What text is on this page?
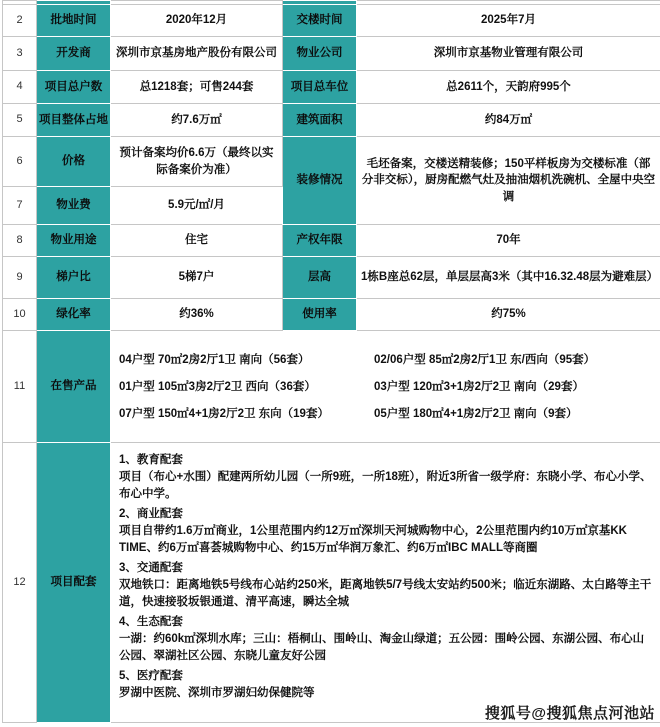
2	批地时间	2020年12月	交楼时间	2025年7月
3	开发商	深圳市京基房地产股份有限公司	物业公司	深圳市京基物业管理有限公司
4	项目总户数	总1218套；可售244套	项目总车位	总2611个，天韵府995个
5	项目整体占地	约7.6万㎡	建筑面积	约84万㎡
6	价格	预计备案均价6.6万（最终以实际备案价为准）	装修情况	毛坯备案，交楼送精装修；150平样板房为交楼标准（部分非交标），厨房配燃气灶及抽油烟机洗碗机、全屋中央空调
7	物业费	5.9元/㎡/月		
8	物业用途	住宅	产权年限	70年
9	梯户比	5梯7户	层高	1栋B座总62层，单层层高3米（其中16.32.48层为避难层）
10	绿化率	约36%	使用率	约75%
11	在售产品	04户型 70㎡2房2厅1卫 南向（56套） 02/06户型 85㎡2房2厅1卫 东/西向（95套）
01户型 105㎡3房2厅2卫 西向（36套） 03户型 120㎡3+1房2厅2卫 南向（29套）
07户型 150㎡4+1房2厅2卫 东向（19套） 05户型 180㎡4+1房2厅2卫 南向（9套）		

12	项目配套	
1、教育配套
项目（布心+水围）配建两所幼儿园（一所9班，一所18班），附近3所省一级学府：东晓小学、布心小学、布心中学。
2、商业配套
项目自带约1.6万㎡商业，1公里范围内约12万㎡深圳天河城购物中心，2公里范围内约10万㎡京基KK TIME、约6万㎡喜荟城购物中心、约15万㎡华润万象汇、约6万㎡IBC MALL等商圈
3、交通配套
双地铁口：距离地铁5号线布心站约250米，距离地铁5/7号线太安站约500米；临近东湖路、太白路等主干道，快速接驳坂银通道、清平高速，瞬达全城
4、生态配套
一湖：约60k㎡深圳水库；三山：梧桐山、围岭山、淘金山绿道；五公园：围岭公园、东湖公园、布心山公园、翠湖社区公园、东晓儿童友好公园
5、医疗配套
罗湖中医院、深圳市罗湖妇幼保健院等
搜狐号@搜狐焦点河池站
